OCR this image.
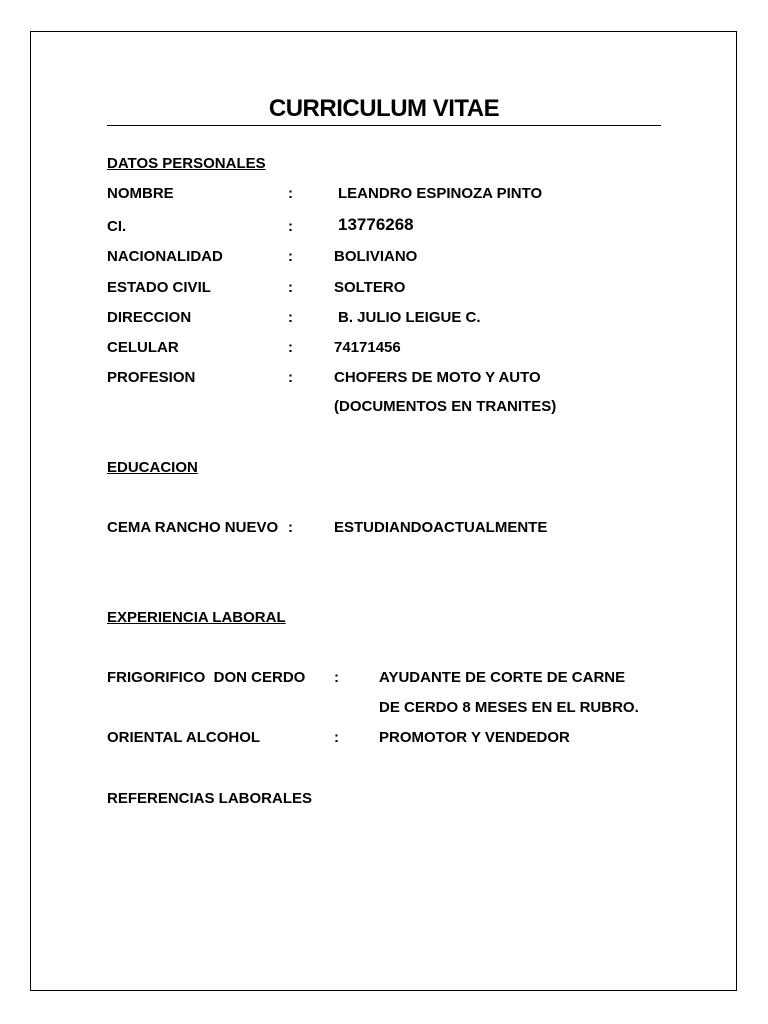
CURRICULUM VITAE
DATOS PERSONALES
NOMBRE	:	LEANDRO ESPINOZA PINTO
CI.	:	13776268
NACIONALIDAD	:	BOLIVIANO
ESTADO CIVIL	:	SOLTERO
DIRECCION	:	B. JULIO LEIGUE C.
CELULAR	:	74171456
PROFESION	:	CHOFERS DE MOTO Y AUTO
(DOCUMENTOS EN TRANITES)
EDUCACION
CEMA RANCHO NUEVO :	ESTUDIANDOACTUALMENTE
EXPERIENCIA LABORAL
FRIGORIFICO  DON CERDO :	AYUDANTE DE CORTE DE CARNE
DE CERDO 8 MESES EN EL RUBRO.
ORIENTAL ALCOHOL	:	PROMOTOR Y VENDEDOR
REFERENCIAS LABORALES
